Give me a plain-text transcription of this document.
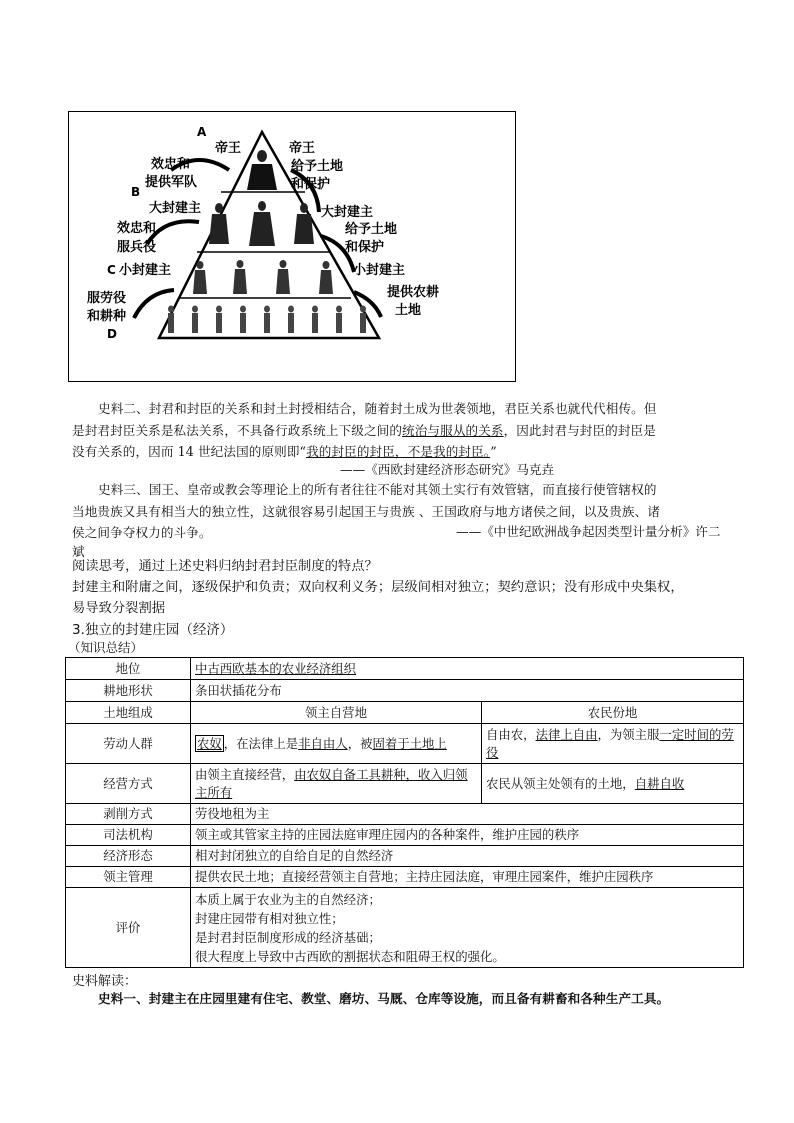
A
B
C
D
帝王
效忠和
提供军队
大封建主
效忠和
服兵役
小封建主
服劳役
和耕种
帝王
给予土地
和保护
大封建主
给予土地
和保护
小封建主
提供农耕
土地
史料二、封君和封臣的关系和封土封授相结合，随着封土成为世袭领地，君臣关系也就代代相传。但
是封君封臣关系是私法关系，不具备行政系统上下级之间的统治与服从的关系，因此封君与封臣的封臣是
没有关系的，因而 14 世纪法国的原则即“我的封臣的封臣，不是我的封臣。”
——《西欧封建经济形态研究》马克垚
史料三、国王、皇帝或教会等理论上的所有者往往不能对其领土实行有效管辖，而直接行使管辖权的
当地贵族又具有相当大的独立性，这就很容易引起国王与贵族 、王国政府与地方诸侯之间，以及贵族、诸
侯之间争夺权力的斗争。	——《中世纪欧洲战争起因类型计量分析》许二
斌
阅读思考，通过上述史料归纳封君封臣制度的特点？
封建主和附庸之间，逐级保护和负责；双向权利义务；层级间相对独立；契约意识；没有形成中央集权，
易导致分裂割据
3.独立的封建庄园（经济）
（知识总结）
地位	中古西欧基本的农业经济组织	
耕地形状	条田状插花分布	
土地组成	领主自营地	农民份地
劳动人群	农奴 ，在法律上是非自由人，被固着于土地上	自由农，法律上自由，为领主服一定时间的劳役
经营方式	由领主直接经营，由农奴自备工具耕种，收入归领主所有	农民从领主处领有的土地，自耕自收
剥削方式	劳役地租为主	
司法机构	领主或其管家主持的庄园法庭审理庄园内的各种案件，维护庄园的秩序	
经济形态	相对封闭独立的自给自足的自然经济	
领主管理	提供农民土地；直接经营领主自营地；主持庄园法庭，审理庄园案件，维护庄园秩序	
评价	本质上属于农业为主的自然经济；
封建庄园带有相对独立性；
是封君封臣制度形成的经济基础；
很大程度上导致中古西欧的割据状态和阻碍王权的强化。	
史料解读：
史料一、封建主在庄园里建有住宅、教堂、磨坊、马厩、仓库等设施，而且备有耕畜和各种生产工具。
